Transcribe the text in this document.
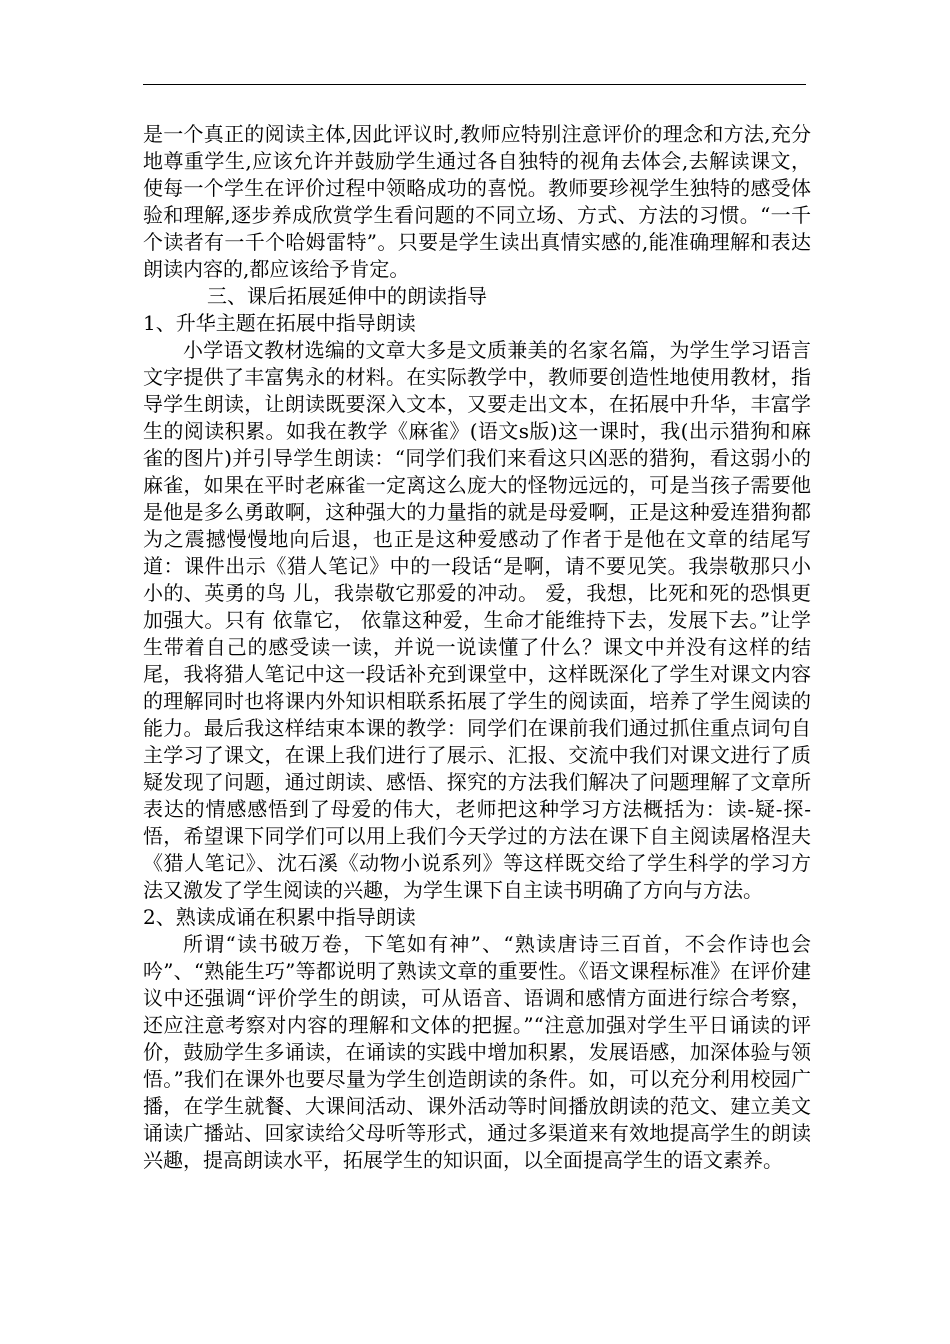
是一个真正的阅读主体,因此评议时,教师应特别注意评价的理念和方法,充分地尊重学生,应该允许并鼓励学生通过各自独特的视角去体会,去解读课文，使每一个学生在评价过程中领略成功的喜悦。教师要珍视学生独特的感受体验和理解,逐步养成欣赏学生看问题的不同立场、方式、方法的习惯。“一千个读者有一千个哈姆雷特”。只要是学生读出真情实感的,能准确理解和表达朗读内容的,都应该给予肯定。

三、课后拓展延伸中的朗读指导

1、升华主题在拓展中指导朗读

小学语文教材选编的文章大多是文质兼美的名家名篇，为学生学习语言文字提供了丰富隽永的材料。在实际教学中，教师要创造性地使用教材，指导学生朗读，让朗读既要深入文本，又要走出文本，在拓展中升华，丰富学生的阅读积累。如我在教学《麻雀》(语文s版)这一课时，我(出示猎狗和麻雀的图片)并引导学生朗读：“同学们我们来看这只凶恶的猎狗，看这弱小的麻雀，如果在平时老麻雀一定离这么庞大的怪物远远的，可是当孩子需要他是他是多么勇敢啊，这种强大的力量指的就是母爱啊，正是这种爱连猎狗都为之震撼慢慢地向后退，也正是这种爱感动了作者于是他在文章的结尾写道：课件出示《猎人笔记》中的一段话“是啊，请不要见笑。我崇敬那只小小的、英勇的鸟 儿，我崇敬它那爱的冲动。 爱，我想，比死和死的恐惧更加强大。只有 依靠它， 依靠这种爱，生命才能维持下去，发展下去。”让学生带着自己的感受读一读，并说一说读懂了什么？课文中并没有这样的结尾，我将猎人笔记中这一段话补充到课堂中，这样既深化了学生对课文内容的理解同时也将课内外知识相联系拓展了学生的阅读面，培养了学生阅读的能力。最后我这样结束本课的教学：同学们在课前我们通过抓住重点词句自主学习了课文，在课上我们进行了展示、汇报、交流中我们对课文进行了质疑发现了问题，通过朗读、感悟、探究的方法我们解决了问题理解了文章所表达的情感感悟到了母爱的伟大，老师把这种学习方法概括为：读-疑-探-悟，希望课下同学们可以用上我们今天学过的方法在课下自主阅读屠格涅夫《猎人笔记》、沈石溪《动物小说系列》等这样既交给了学生科学的学习方法又激发了学生阅读的兴趣，为学生课下自主读书明确了方向与方法。

2、熟读成诵在积累中指导朗读

所谓“读书破万卷，下笔如有神”、“熟读唐诗三百首，不会作诗也会吟”、“熟能生巧”等都说明了熟读文章的重要性。《语文课程标准》在评价建议中还强调“评价学生的朗读，可从语音、语调和感情方面进行综合考察，还应注意考察对内容的理解和文体的把握。”“注意加强对学生平日诵读的评价，鼓励学生多诵读，在诵读的实践中增加积累，发展语感，加深体验与领悟。”我们在课外也要尽量为学生创造朗读的条件。如，可以充分利用校园广播，在学生就餐、大课间活动、课外活动等时间播放朗读的范文、建立美文诵读广播站、回家读给父母听等形式，通过多渠道来有效地提高学生的朗读兴趣，提高朗读水平，拓展学生的知识面，以全面提高学生的语文素养。
